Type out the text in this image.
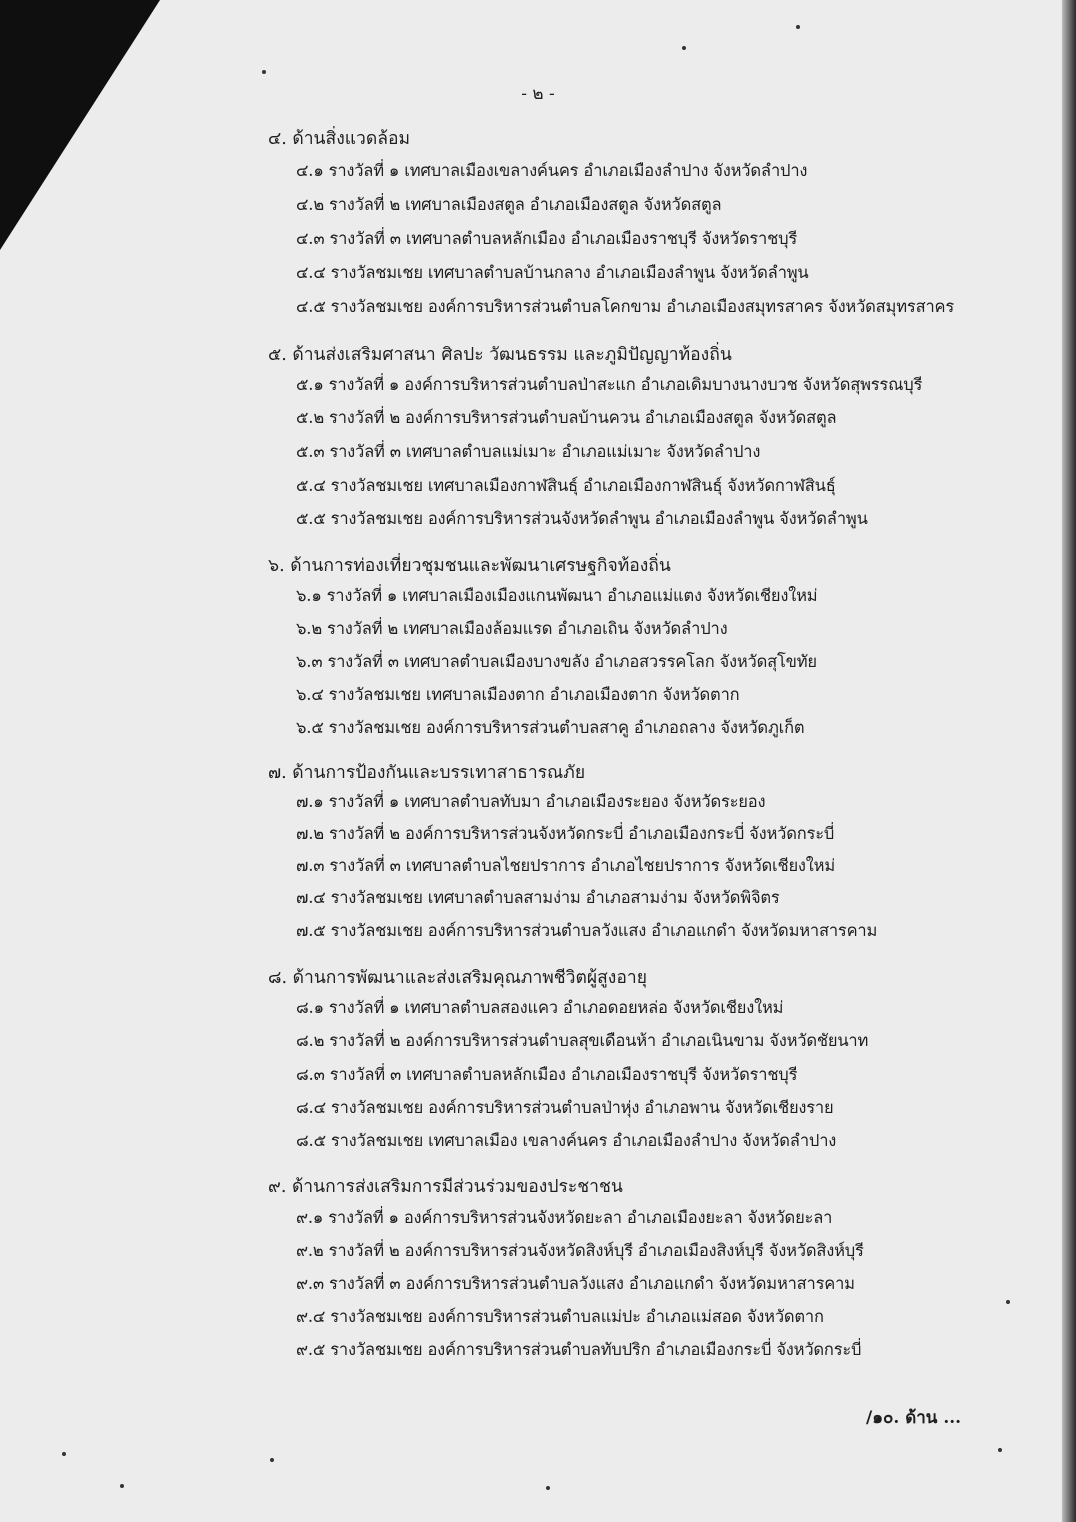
- ๒ -
๔. ด้านสิ่งแวดล้อม
๔.๑ รางวัลที่ ๑ เทศบาลเมืองเขลางค์นคร อำเภอเมืองลำปาง จังหวัดลำปาง
๔.๒ รางวัลที่ ๒ เทศบาลเมืองสตูล อำเภอเมืองสตูล จังหวัดสตูล
๔.๓ รางวัลที่ ๓ เทศบาลตำบลหลักเมือง อำเภอเมืองราชบุรี จังหวัดราชบุรี
๔.๔ รางวัลชมเชย เทศบาลตำบลบ้านกลาง อำเภอเมืองลำพูน จังหวัดลำพูน
๔.๕ รางวัลชมเชย องค์การบริหารส่วนตำบลโคกขาม อำเภอเมืองสมุทรสาคร จังหวัดสมุทรสาคร
๕. ด้านส่งเสริมศาสนา ศิลปะ วัฒนธรรม และภูมิปัญญาท้องถิ่น
๕.๑ รางวัลที่ ๑ องค์การบริหารส่วนตำบลป่าสะแก อำเภอเดิมบางนางบวช จังหวัดสุพรรณบุรี
๕.๒ รางวัลที่ ๒ องค์การบริหารส่วนตำบลบ้านควน อำเภอเมืองสตูล จังหวัดสตูล
๕.๓ รางวัลที่ ๓ เทศบาลตำบลแม่เมาะ อำเภอแม่เมาะ จังหวัดลำปาง
๕.๔ รางวัลชมเชย เทศบาลเมืองกาฬสินธุ์ อำเภอเมืองกาฬสินธุ์ จังหวัดกาฬสินธุ์
๕.๕ รางวัลชมเชย องค์การบริหารส่วนจังหวัดลำพูน อำเภอเมืองลำพูน จังหวัดลำพูน
๖. ด้านการท่องเที่ยวชุมชนและพัฒนาเศรษฐกิจท้องถิ่น
๖.๑ รางวัลที่ ๑ เทศบาลเมืองเมืองแกนพัฒนา อำเภอแม่แตง จังหวัดเชียงใหม่
๖.๒ รางวัลที่ ๒ เทศบาลเมืองล้อมแรด อำเภอเถิน จังหวัดลำปาง
๖.๓ รางวัลที่ ๓ เทศบาลตำบลเมืองบางขลัง อำเภอสวรรคโลก จังหวัดสุโขทัย
๖.๔ รางวัลชมเชย เทศบาลเมืองตาก อำเภอเมืองตาก จังหวัดตาก
๖.๕ รางวัลชมเชย องค์การบริหารส่วนตำบลสาคู อำเภอถลาง จังหวัดภูเก็ต
๗. ด้านการป้องกันและบรรเทาสาธารณภัย
๗.๑ รางวัลที่ ๑ เทศบาลตำบลทับมา อำเภอเมืองระยอง จังหวัดระยอง
๗.๒ รางวัลที่ ๒ องค์การบริหารส่วนจังหวัดกระบี่ อำเภอเมืองกระบี่ จังหวัดกระบี่
๗.๓ รางวัลที่ ๓ เทศบาลตำบลไชยปราการ อำเภอไชยปราการ จังหวัดเชียงใหม่
๗.๔ รางวัลชมเชย เทศบาลตำบลสามง่าม อำเภอสามง่าม จังหวัดพิจิตร
๗.๕ รางวัลชมเชย องค์การบริหารส่วนตำบลวังแสง อำเภอแกดำ จังหวัดมหาสารคาม
๘. ด้านการพัฒนาและส่งเสริมคุณภาพชีวิตผู้สูงอายุ
๘.๑ รางวัลที่ ๑ เทศบาลตำบลสองแคว อำเภอดอยหล่อ จังหวัดเชียงใหม่
๘.๒ รางวัลที่ ๒ องค์การบริหารส่วนตำบลสุขเดือนห้า อำเภอเนินขาม จังหวัดชัยนาท
๘.๓ รางวัลที่ ๓ เทศบาลตำบลหลักเมือง อำเภอเมืองราชบุรี จังหวัดราชบุรี
๘.๔ รางวัลชมเชย องค์การบริหารส่วนตำบลป่าหุ่ง อำเภอพาน จังหวัดเชียงราย
๘.๕ รางวัลชมเชย เทศบาลเมือง เขลางค์นคร อำเภอเมืองลำปาง จังหวัดลำปาง
๙. ด้านการส่งเสริมการมีส่วนร่วมของประชาชน
๙.๑ รางวัลที่ ๑ องค์การบริหารส่วนจังหวัดยะลา อำเภอเมืองยะลา จังหวัดยะลา
๙.๒ รางวัลที่ ๒ องค์การบริหารส่วนจังหวัดสิงห์บุรี อำเภอเมืองสิงห์บุรี จังหวัดสิงห์บุรี
๙.๓ รางวัลที่ ๓ องค์การบริหารส่วนตำบลวังแสง อำเภอแกดำ จังหวัดมหาสารคาม
๙.๔ รางวัลชมเชย องค์การบริหารส่วนตำบลแม่ปะ อำเภอแม่สอด จังหวัดตาก
๙.๕ รางวัลชมเชย องค์การบริหารส่วนตำบลทับปริก อำเภอเมืองกระบี่ จังหวัดกระบี่
/๑๐. ด้าน ...
